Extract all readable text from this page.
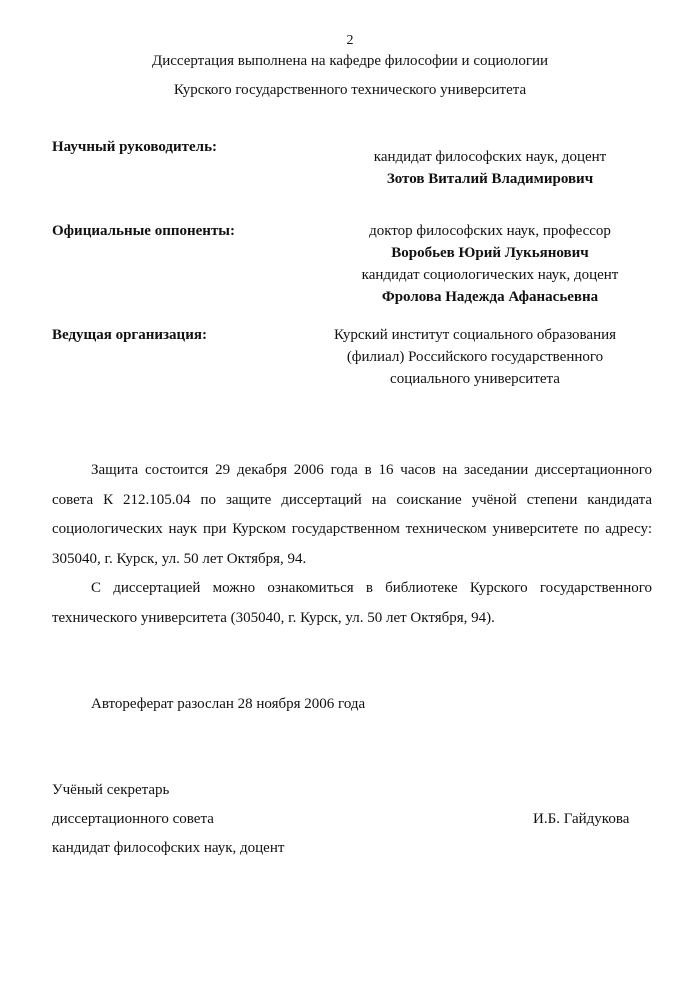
2
Диссертация выполнена на кафедре философии и социологии
Курского государственного технического университета
Научный руководитель:
кандидат философских наук, доцент
Зотов Виталий Владимирович
Официальные оппоненты:	доктор философских наук, профессор
Воробьев Юрий Лукьянович
кандидат социологических наук, доцент
Фролова Надежда Афанасьевна
Ведущая организация:	Курский институт социального образования
(филиал) Российского государственного
социального университета

Защита состоится 29 декабря 2006 года в 16 часов на заседании диссертационного совета К 212.105.04 по защите диссертаций на соискание учёной степени кандидата социологических наук при Курском государственном техническом университете по адресу: 305040, г. Курск, ул. 50 лет Октября, 94.

С диссертацией можно ознакомиться в библиотеке Курского государственного технического университета (305040, г. Курск, ул. 50 лет Октября, 94).

Автореферат разослан 28 ноября 2006 года
Учёный секретарь
диссертационного совета	И.Б. Гайдукова
кандидат философских наук, доцент
